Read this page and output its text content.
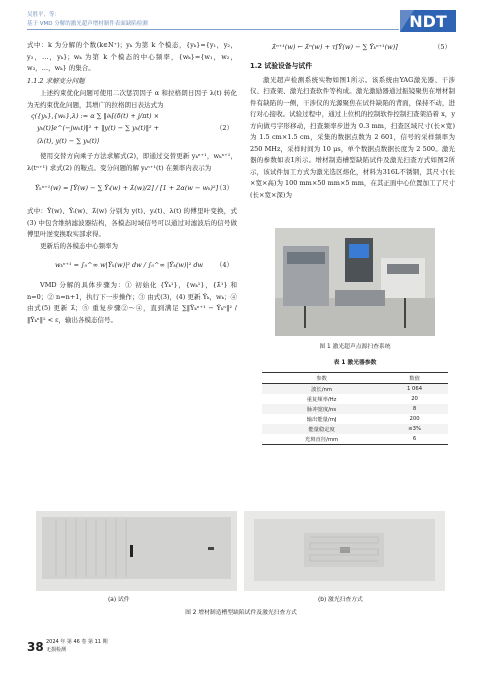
吴胜平，等：
基于 VMD 分解的激光超声增材制件表面缺陷检测	NDT

式中：k 为分解的个数(k∈N⁺)；yₖ 为第 k 个模态，{yₖ}={y₁，y₂，y₃，…，yₖ}；wₖ 为第 k 个模态的中心频率，{wₖ}={w₁，w₂，w₃，…，wₖ} 的集合。

1.1.2 求解变分问题

上述约束优化问题可使用二次惩罚因子 α 和拉格朗日因子 λ(t) 转化为无约束优化问题，其增广的拉格朗日表达式为

ς({yₖ},{wₖ},λ) := α ∑ ‖∂ₜ[(δ(t) + j/πt) ×
yₖ(t)]e^(−jwₖt)‖² + ‖y(t) − ∑ yₖ(t)‖² +
⟨λ(t), y(t) − ∑ yₖ(t)⟩
（2）

使用交替方向乘子方法求解式(2)，即通过交替更新 yₖⁿ⁺¹，wₖⁿ⁺¹，λ(tⁿ⁺¹) 求式(2) 的鞍点。变分问题的解 yₖⁿ⁺¹(t) 在频率内表示为

Ŷₖⁿ⁺¹(w) = [Ŷ(w) − ∑ Ŷᵢ(w) + λ̂(w)/2] / [1 + 2α(w − wₖ)²]
（3）

式中：Ŷ(w)、Ŷᵢ(w)、λ̂(w) 分别为 y(t)、yᵢ(t)、λ(t) 的傅里叶变换，式(3) 中包含维纳滤波器结构，各模态时域信号可以通过对滤波后的信号做傅里叶逆变换取实部求得。

更新后的各模态中心频率为

wₖⁿ⁺¹ = ∫₀^∞ w|Ŷₖ(w)|² dw / ∫₀^∞ |Ŷₖ(w)|² dw （4）

VMD 分解的具体步骤为：① 初始化 {Ŷₖ¹}，{wₖ¹}，{λ̂¹} 和 n=0；② n=n+1，执行下一步操作；③ 由式(3)，(4) 更新 Ŷₖ，wₖ；④ 由式(5) 更新 λ̂；⑤ 重复步骤②～④，直到满足 ∑‖Ŷₖⁿ⁺¹ − Ŷₖⁿ‖² / ‖Ŷₖⁿ‖² < ε，输出各模态信号。

λ̂ⁿ⁺¹(w) ← λ̂ⁿ(w) + τ[Ŷ(w) − ∑ Ŷₖⁿ⁺¹(w)]	（5）

1.2 试验设备与试件

激光超声检测系统实物如图1所示。该系统由YAG激光器、干涉仪、扫查架、激光扫查软件等构成。激光激励器通过振镜聚焦在增材制件有缺陷的一侧，干涉仪的光源聚焦在试件缺陷的背面，保持不动，进行对心接收。试验过程中，通过上位机的控制软件控制扫查架沿着 x，y 方向做弓字形移动，扫查频率步进为 0.3 mm，扫查区域尺寸(长×宽)为 1.5 cm×1.5 cm，采集的数据点数为 2 601，信号的采样频率为 250 MHz，采样时间为 10 μs，单个数据点数据长度为 2 500。激光器的参数如表1所示。增材制造槽型缺陷试件及激光扫查方式如图2所示，该试件加工方式为激光选区熔化，材料为316L不锈钢，其尺寸(长×宽×高)为 100 mm×50 mm×5 mm，在其正面中心位置加工了尺寸(长×宽×深)为

图 1 激光超声点源扫查系统
表 1 激光器参数
参数	数值
波长/nm	1 064
重复频率/Hz	20
脉冲宽度/ns	8
输出能量/mJ	200
能量稳定度	≤3%
光斑直径/mm	6
(a) 试件	(b) 激光扫查方式
图 2 增材制造槽型缺陷试件及激光扫查方式
38 2024 年 第 46 卷 第 11 期
无损检测
